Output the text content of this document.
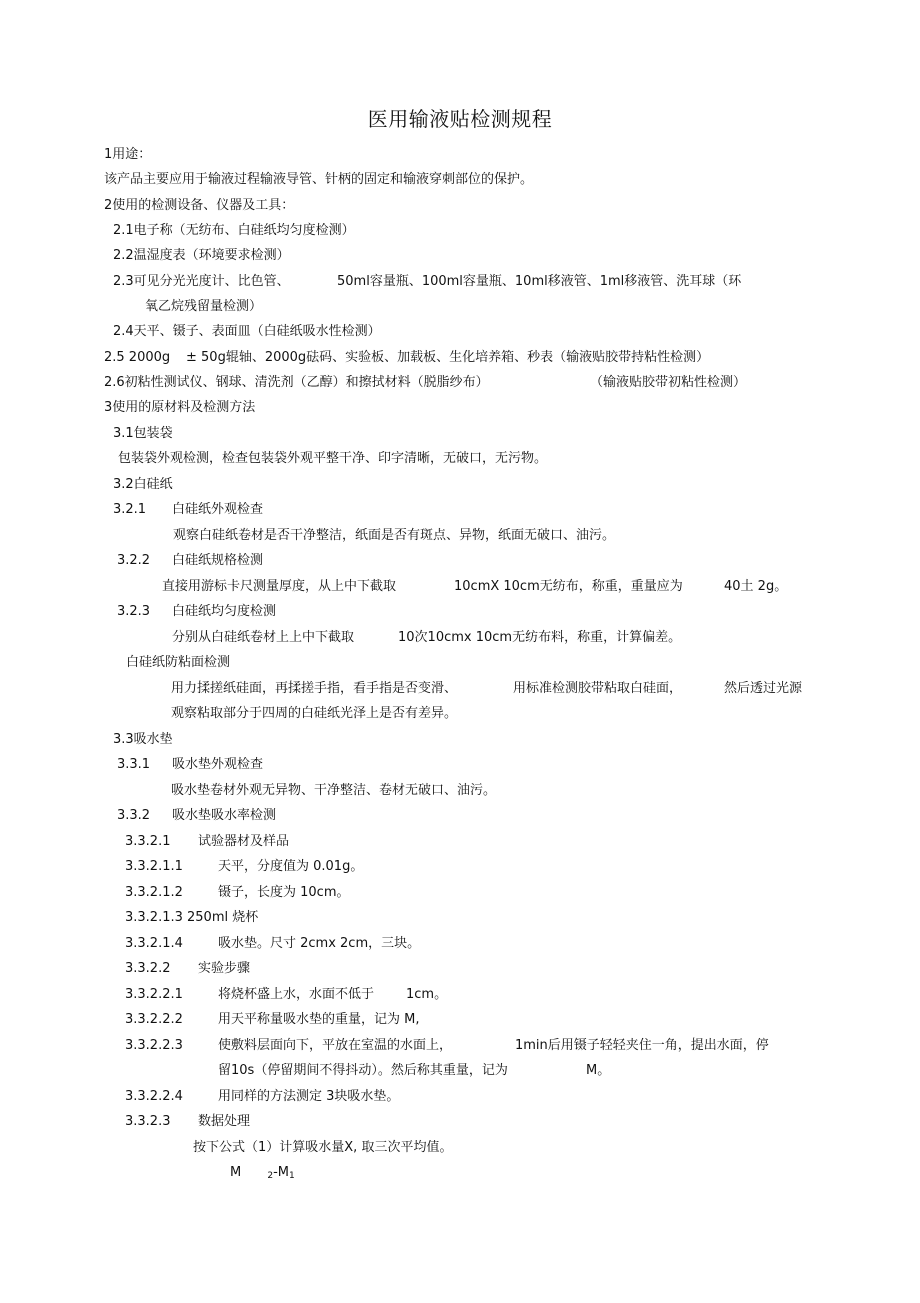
医用输液贴检测规程
1用途：
该产品主要应用于输液过程输液导管、针柄的固定和输液穿刺部位的保护。
2使用的检测设备、仪器及工具：
2.1电子称（无纺布、白硅纸均匀度检测）
2.2温湿度表（环境要求检测）
2.3可见分光光度计、比色管、	50ml容量瓶、100ml容量瓶、10ml移液管、1ml移液管、洗耳球（环
氧乙烷残留量检测）
2.4天平、镊子、表面皿（白硅纸吸水性检测）
2.5 2000g ± 50g辊轴、2000g砝码、实验板、加载板、生化培养箱、秒表（输液贴胶带持粘性检测）
2.6初粘性测试仪、钢球、清洗剂（乙醇）和擦拭材料（脱脂纱布）	（输液贴胶带初粘性检测）
3使用的原材料及检测方法
3.1包装袋
包装袋外观检测，检查包装袋外观平整干净、印字清晰，无破口，无污物。
3.2白硅纸
3.2.1 白硅纸外观检查
观察白硅纸卷材是否干净整洁，纸面是否有斑点、异物，纸面无破口、油污。
3.2.2 白硅纸规格检测
直接用游标卡尺测量厚度，从上中下截取	10cmX 10cm无纺布，称重，重量应为	40土 2g。
3.2.3 白硅纸均匀度检测
分别从白硅纸卷材上上中下截取	10次10cmx 10cm无纺布料，称重，计算偏差。
白硅纸防粘面检测
用力揉搓纸硅面，再揉搓手指，看手指是否变滑、	用标准检测胶带粘取白硅面，	然后透过光源
观察粘取部分于四周的白硅纸光泽上是否有差异。
3.3吸水垫
3.3.1 吸水垫外观检查
吸水垫卷材外观无异物、干净整洁、卷材无破口、油污。
3.3.2 吸水垫吸水率检测
3.3.2.1 试验器材及样品
3.3.2.1.1	天平，分度值为 0.01g。
3.3.2.1.2	镊子，长度为 10cm。
3.3.2.1.3 250ml 烧杯
3.3.2.1.4	吸水垫。尺寸 2cmx 2cm，三块。
3.3.2.2 实验步骤
3.3.2.2.1	将烧杯盛上水，水面不低于 1cm。
3.3.2.2.2	用天平称量吸水垫的重量，记为 M,
3.3.2.2.3	使敷料层面向下，平放在室温的水面上，	1min后用镊子轻轻夹住一角，提出水面，停
留10s（停留期间不得抖动）。然后称其重量，记为	M。
3.3.2.2.4	用同样的方法测定 3块吸水垫。
3.3.2.3 数据处理
按下公式（1）计算吸水量X, 取三次平均值。
M	$_2-M_1$
